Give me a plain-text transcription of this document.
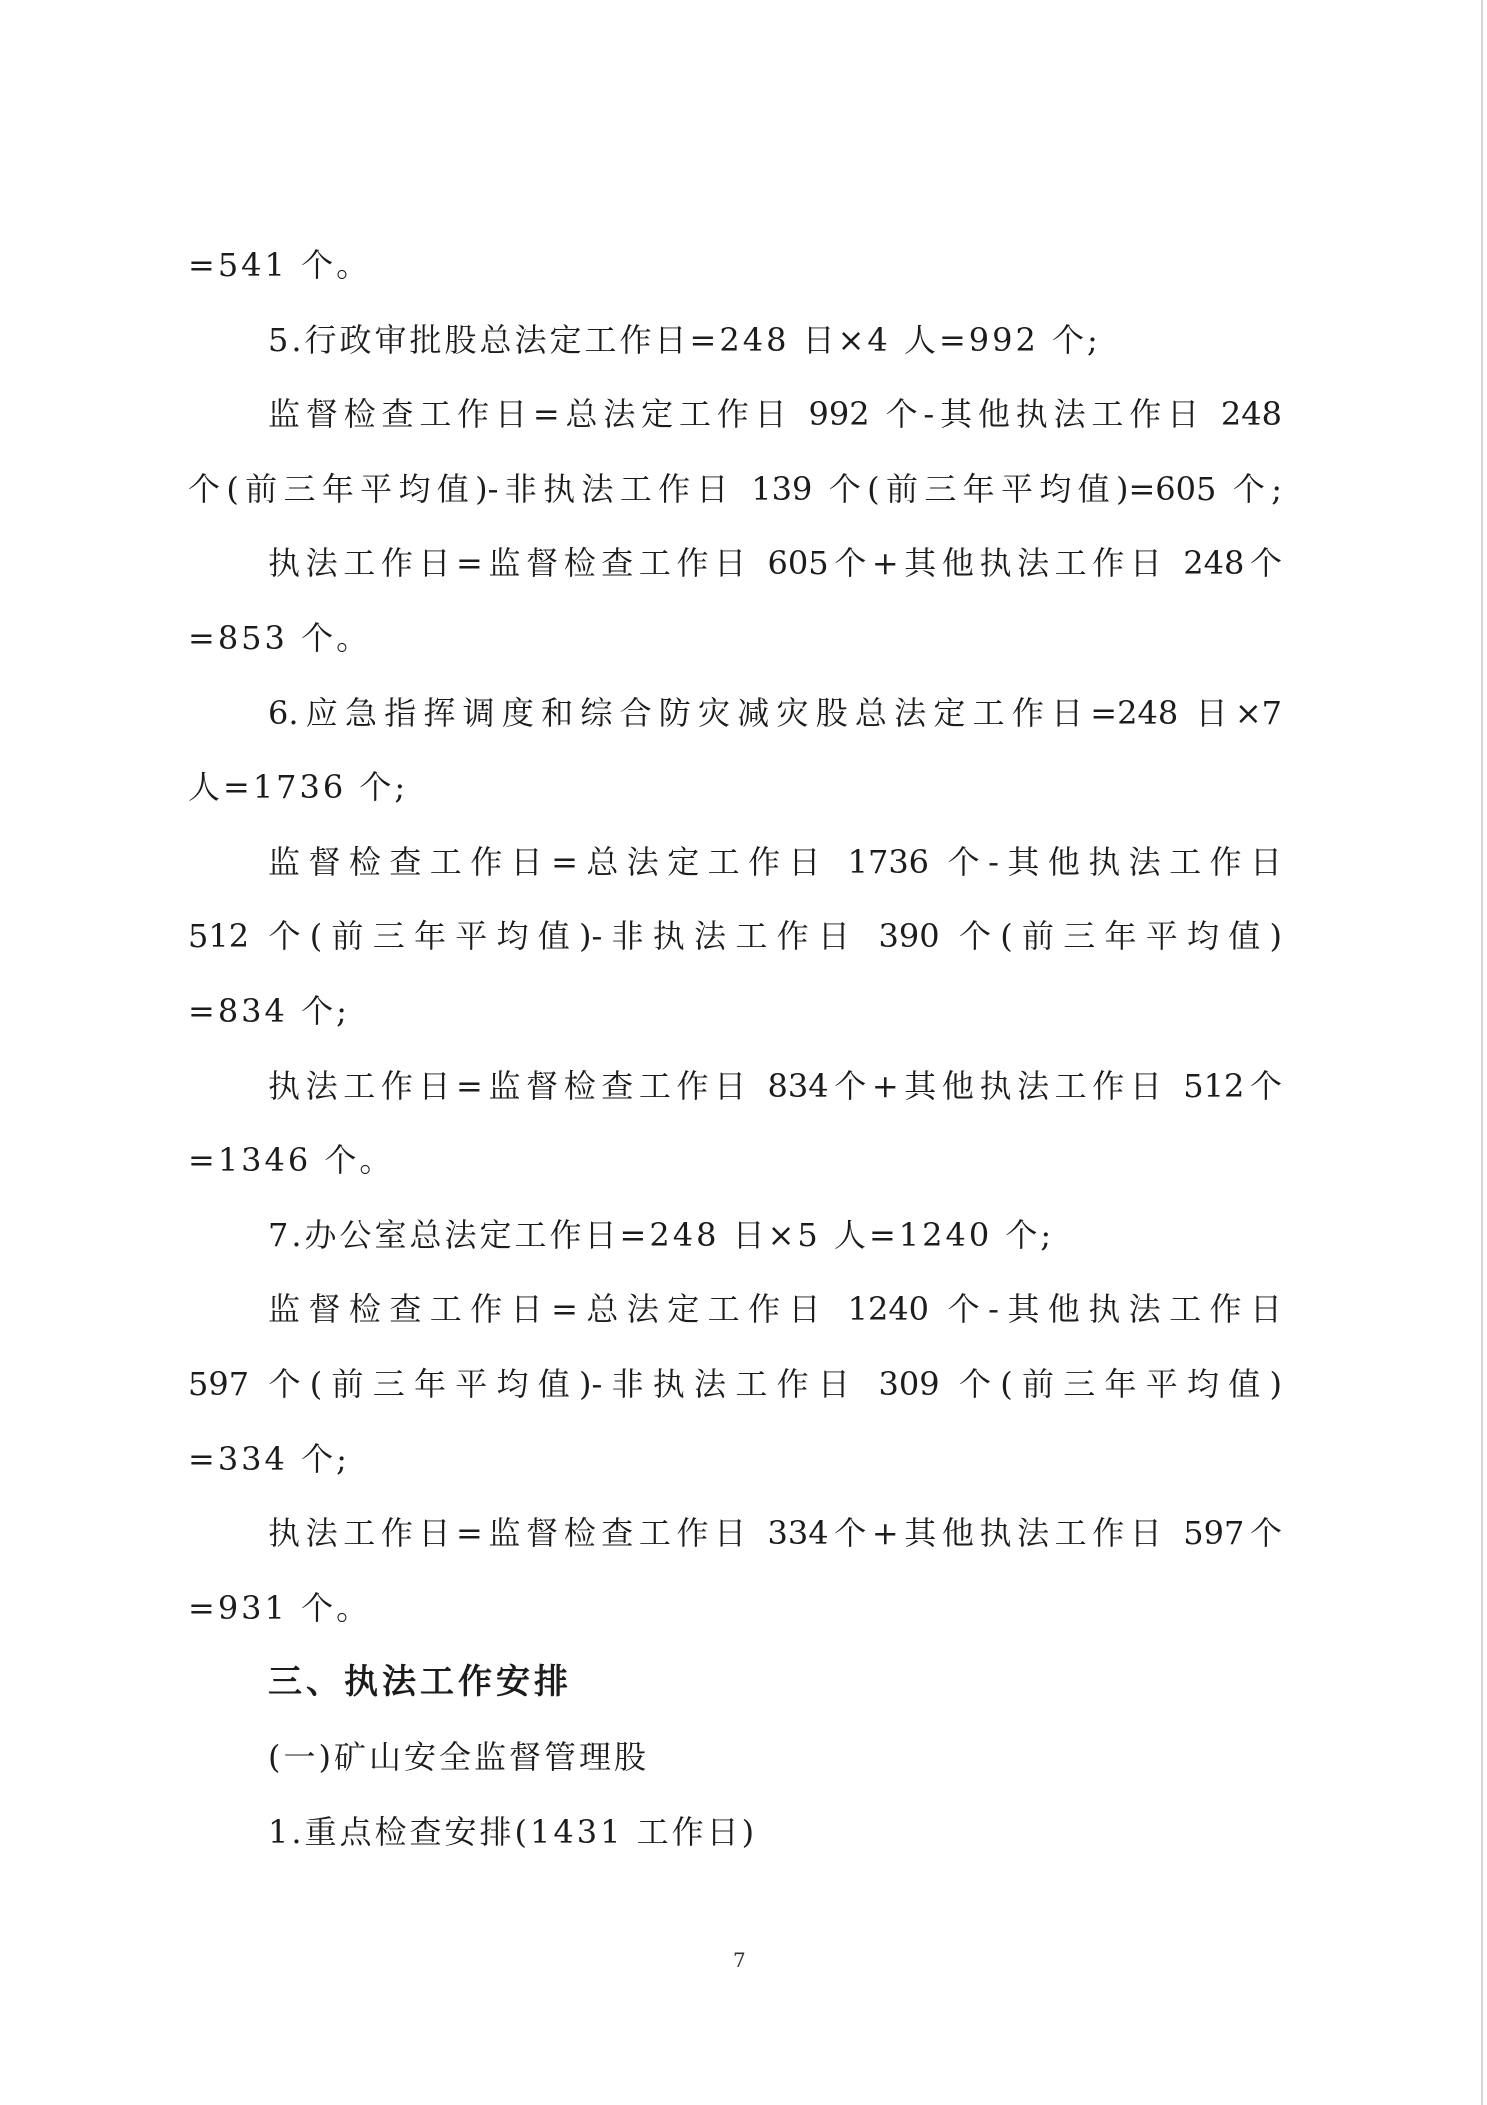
=541 个。
5.行政审批股总法定工作日=248 日×4 人=992 个;
监督检查工作日=总法定工作日 992 个-其他执法工作日 248
个(前三年平均值)-非执法工作日 139 个(前三年平均值)=605 个;
执法工作日=监督检查工作日 605个+其他执法工作日 248个
=853 个。
6.应急指挥调度和综合防灾减灾股总法定工作日=248 日×7
人=1736 个;
监督检查工作日=总法定工作日 1736 个-其他执法工作日
512 个(前三年平均值)-非执法工作日 390 个(前三年平均值)
=834 个;
执法工作日=监督检查工作日 834个+其他执法工作日 512个
=1346 个。
7.办公室总法定工作日=248 日×5 人=1240 个;
监督检查工作日=总法定工作日 1240 个-其他执法工作日
597 个(前三年平均值)-非执法工作日 309 个(前三年平均值)
=334 个;
执法工作日=监督检查工作日 334个+其他执法工作日 597个
=931 个。
三、执法工作安排
(一)矿山安全监督管理股
1.重点检查安排(1431 工作日)
7
